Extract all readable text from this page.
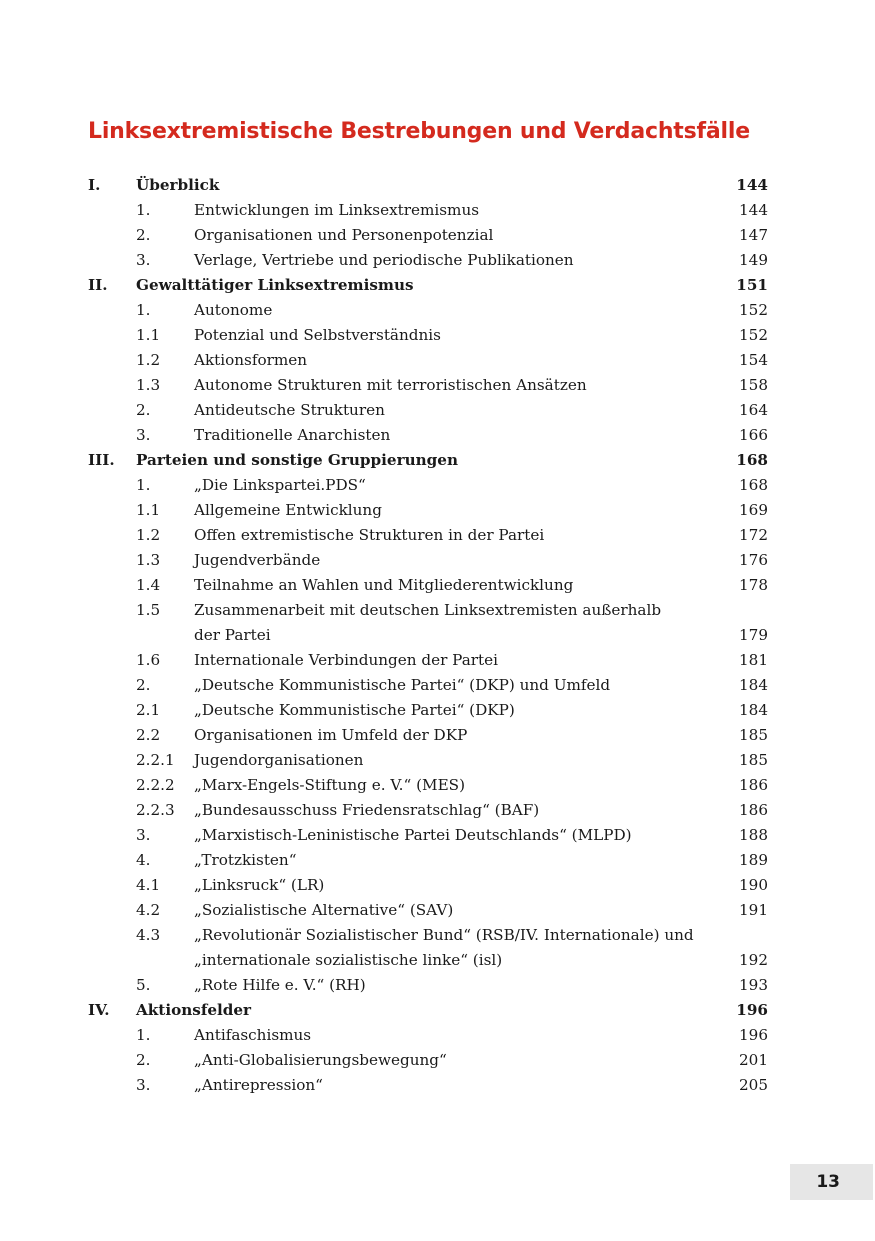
Linksextremistische Bestrebungen und Verdachtsfälle
I. Überblick	144
1.	Entwicklungen im Linksextremismus	144
2.	Organisationen und Personenpotenzial	147
3.	Verlage, Vertriebe und periodische Publikationen	149
II. Gewalttätiger Linksextremismus	151
1.	Autonome	152
1.1 Potenzial und Selbstverständnis	152
1.2 Aktionsformen	154
1.3 Autonome Strukturen mit terroristischen Ansätzen	158
2.	Antideutsche Strukturen	164
3.	Traditionelle Anarchisten	166
III. Parteien und sonstige Gruppierungen	168
1.	„Die Linkspartei.PDS“	168
1.1 Allgemeine Entwicklung	169
1.2 Offen extremistische Strukturen in der Partei	172
1.3 Jugendverbände	176
1.4 Teilnahme an Wahlen und Mitgliederentwicklung	178
1.5 Zusammenarbeit mit deutschen Linksextremisten außerhalb
der Partei	179
1.6 Internationale Verbindungen der Partei	181
2.	„Deutsche Kommunistische Partei“ (DKP) und Umfeld	184
2.1 „Deutsche Kommunistische Partei“ (DKP)	184
2.2 Organisationen im Umfeld der DKP	185
2.2.1 Jugendorganisationen	185
2.2.2 „Marx-Engels-Stiftung e. V.“ (MES)	186
2.2.3 „Bundesausschuss Friedensratschlag“ (BAF)	186
3.	„Marxistisch-Leninistische Partei Deutschlands“ (MLPD)	188
4.	„Trotzkisten“	189
4.1 „Linksruck“ (LR)	190
4.2 „Sozialistische Alternative“ (SAV)	191
4.3 „Revolutionär Sozialistischer Bund“ (RSB/IV. Internationale) und
„internationale sozialistische linke“ (isl)	192
5.	„Rote Hilfe e. V.“ (RH)	193
IV. Aktionsfelder	196
1.	Antifaschismus	196
2.	„Anti-Globalisierungsbewegung“	201
3.	„Antirepression“	205
13
